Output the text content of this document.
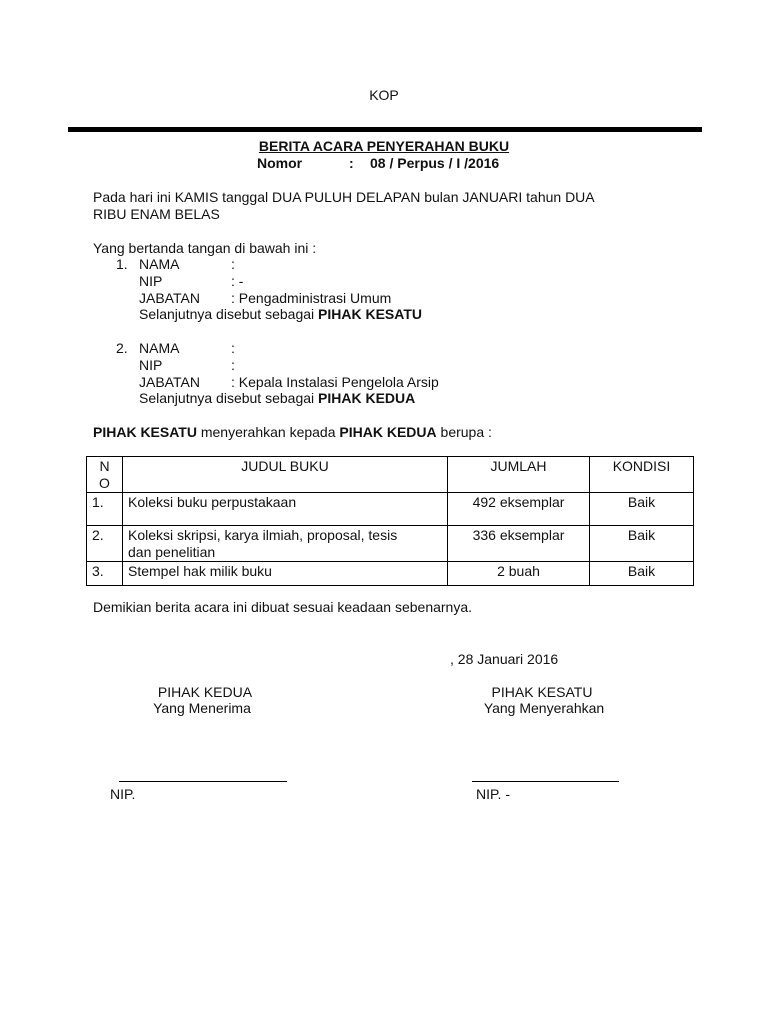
KOP
BERITA ACARA PENYERAHAN BUKU
Nomor	: 08 / Perpus / I /2016
Pada hari ini KAMIS tanggal DUA PULUH DELAPAN bulan JANUARI tahun DUA
RIBU ENAM BELAS
Yang bertanda tangan di bawah ini :
1. NAMA	:
NIP	: -
JABATAN : Pengadministrasi Umum
Selanjutnya disebut sebagai PIHAK KESATU
2. NAMA	:
NIP	:
JABATAN : Kepala Instalasi Pengelola Arsip
Selanjutnya disebut sebagai PIHAK KEDUA
PIHAK KESATU menyerahkan kepada PIHAK KEDUA berupa :
N
O	JUDUL BUKU	JUMLAH	KONDISI
1.	Koleksi buku perpustakaan	492 eksemplar	Baik
2.	Koleksi skripsi, karya ilmiah, proposal, tesis
dan penelitian	336 eksemplar	Baik
3.	Stempel hak milik buku	2 buah	Baik
Demikian berita acara ini dibuat sesuai keadaan sebenarnya.
, 28 Januari 2016
PIHAK KEDUA
Yang Menerima
NIP.
PIHAK KESATU
Yang Menyerahkan
NIP. -
